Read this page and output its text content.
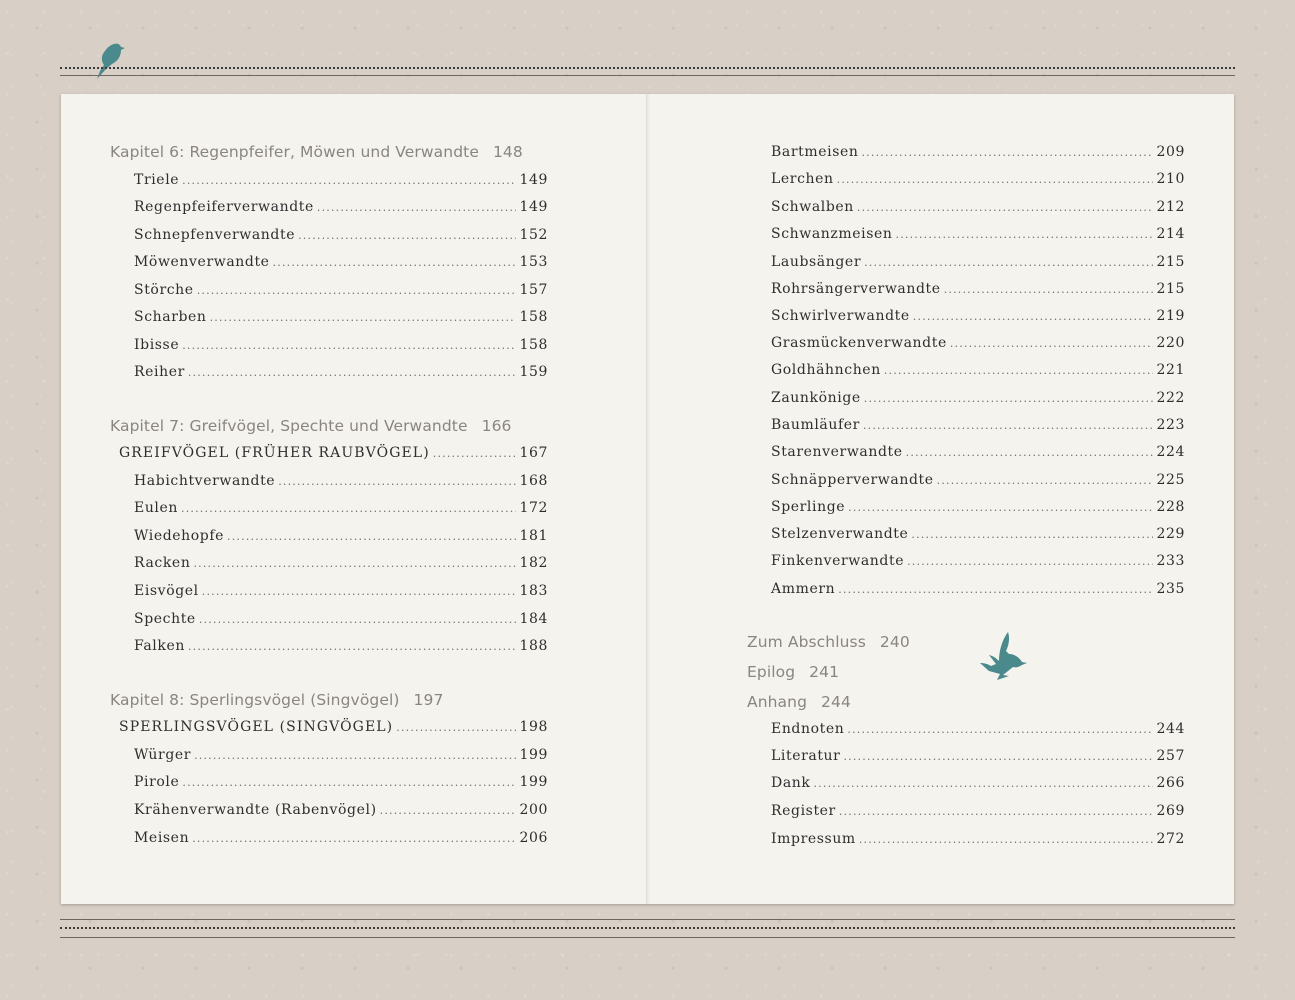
Kapitel 6: Regenpfeifer, Möwen und Verwandte 148
Triele .....	149
Regenpfeiferverwandte .....	149
Schnepfenverwandte .....	152
Möwenverwandte .....	153
Störche .....	157
Scharben .....	158
Ibisse .....	158
Reiher .....	159
Kapitel 7: Greifvögel, Spechte und Verwandte 166
GREIFVÖGEL (FRÜHER RAUBVÖGEL) .....	167
Habichtverwandte .....	168
Eulen .....	172
Wiedehopfe .....	181
Racken .....	182
Eisvögel .....	183
Spechte .....	184
Falken .....	188
Kapitel 8: Sperlingsvögel (Singvögel) 197
SPERLINGSVÖGEL (SINGVÖGEL) .....	198
Würger .....	199
Pirole .....	199
Krähenverwandte (Rabenvögel) .....	200
Meisen .....	206
Bartmeisen .....	209
Lerchen .....	210
Schwalben .....	212
Schwanzmeisen .....	214
Laubsänger .....	215
Rohrsängerverwandte .....	215
Schwirlverwandte .....	219
Grasmückenverwandte .....	220
Goldhähnchen .....	221
Zaunkönige .....	222
Baumläufer .....	223
Starenverwandte .....	224
Schnäpperverwandte .....	225
Sperlinge .....	228
Stelzenverwandte .....	229
Finkenverwandte .....	233
Ammern .....	235
Zum Abschluss 240
Epilog 241
Anhang 244
Endnoten .....	244
Literatur .....	257
Dank .....	266
Register .....	269
Impressum .....	272
